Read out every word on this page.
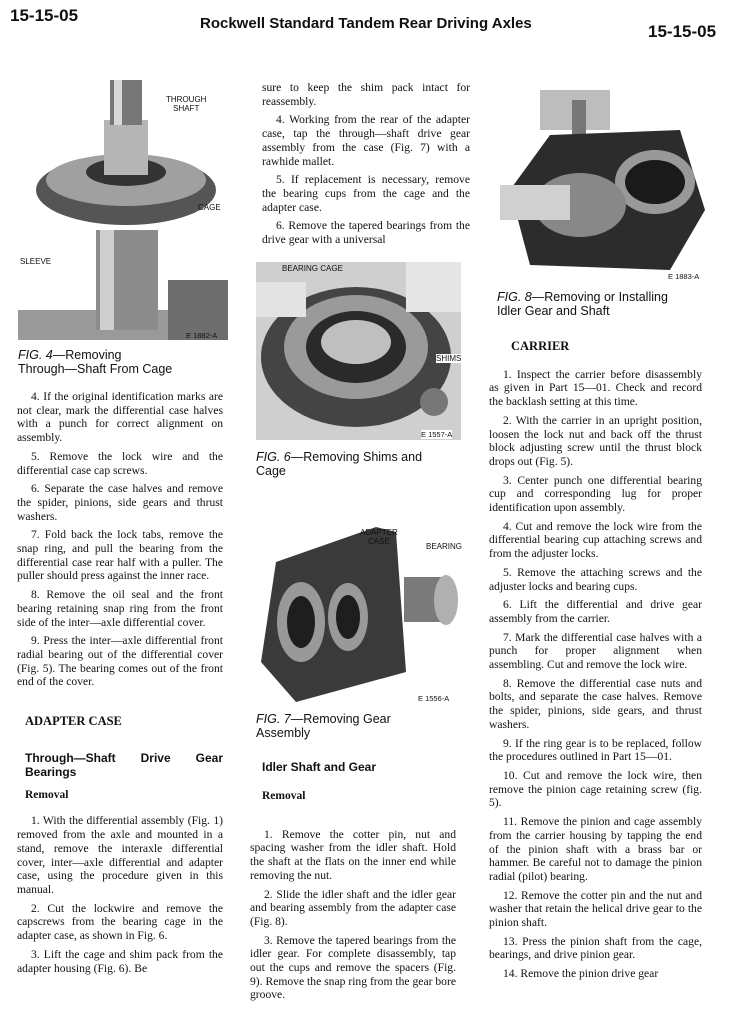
15-15-05	Rockwell Standard Tandem Rear Driving Axles	15-15-05
THROUGH
SHAFT
CAGE
SLEEVE
E 1882-A
FIG. 4—Removing
Through—Shaft From Cage

4. If the original identification marks are not clear, mark the differential case halves with a punch for correct alignment on assembly.

5. Remove the lock wire and the differential case cap screws.

6. Separate the case halves and remove the spider, pinions, side gears and thrust washers.

7. Fold back the lock tabs, remove the snap ring, and pull the bearing from the differential case rear half with a puller. The puller should press against the inner race.

8. Remove the oil seal and the front bearing retaining snap ring from the front side of the inter—axle differential cover.

9. Press the inter—axle differential front radial bearing out of the differential cover (Fig. 5). The bearing comes out of the front end of the cover.

ADAPTER CASE
Through—Shaft Drive Gear Bearings
Removal

1. With the differential assembly (Fig. 1) removed from the axle and mounted in a stand, remove the interaxle differential cover, inter—axle differential and adapter case, using the procedure given in this manual.

2. Cut the lockwire and remove the capscrews from the bearing cage in the adapter case, as shown in Fig. 6.

3. Lift the cage and shim pack from the adapter housing (Fig. 6). Be

sure to keep the shim pack intact for reassembly.

4. Working from the rear of the adapter case, tap the through—shaft drive gear assembly from the case (Fig. 7) with a rawhide mallet.

5. If replacement is necessary, remove the bearing cups from the cage and the adapter case.

6. Remove the tapered bearings from the drive gear with a universal

BEARING CAGE
SHIMS
E 1557-A
FIG. 6—Removing Shims and
Cage
ADAPTER
CASE
BEARING
E 1556-A
FIG. 7—Removing Gear
Assembly
Idler Shaft and Gear
Removal

1. Remove the cotter pin, nut and spacing washer from the idler shaft. Hold the shaft at the flats on the inner end while removing the nut.

2. Slide the idler shaft and the idler gear and bearing assembly from the adapter case (Fig. 8).

3. Remove the tapered bearings from the idler gear. For complete disassembly, tap out the cups and remove the spacers (Fig. 9). Remove the snap ring from the gear bore groove.

E 1883-A
FIG. 8—Removing or Installing
Idler Gear and Shaft
CARRIER

1. Inspect the carrier before disassembly as given in Part 15—01. Check and record the backlash setting at this time.

2. With the carrier in an upright position, loosen the lock nut and back off the thrust block adjusting screw until the thrust block drops out (Fig. 5).

3. Center punch one differential bearing cup and corresponding lug for proper identification upon assembly.

4. Cut and remove the lock wire from the differential bearing cup attaching screws and from the adjuster locks.

5. Remove the attaching screws and the adjuster locks and bearing cups.

6. Lift the differential and drive gear assembly from the carrier.

7. Mark the differential case halves with a punch for proper alignment when assembling. Cut and remove the lock wire.

8. Remove the differential case nuts and bolts, and separate the case halves. Remove the spider, pinions, side gears, and thrust washers.

9. If the ring gear is to be replaced, follow the procedures outlined in Part 15—01.

10. Cut and remove the lock wire, then remove the pinion cage retaining screw (fig. 5).

11. Remove the pinion and cage assembly from the carrier housing by tapping the end of the pinion shaft with a brass bar or hammer. Be careful not to damage the pinion radial (pilot) bearing.

12. Remove the cotter pin and the nut and washer that retain the helical drive gear to the pinion shaft.

13. Press the pinion shaft from the cage, bearings, and drive pinion gear.

14. Remove the pinion drive gear
